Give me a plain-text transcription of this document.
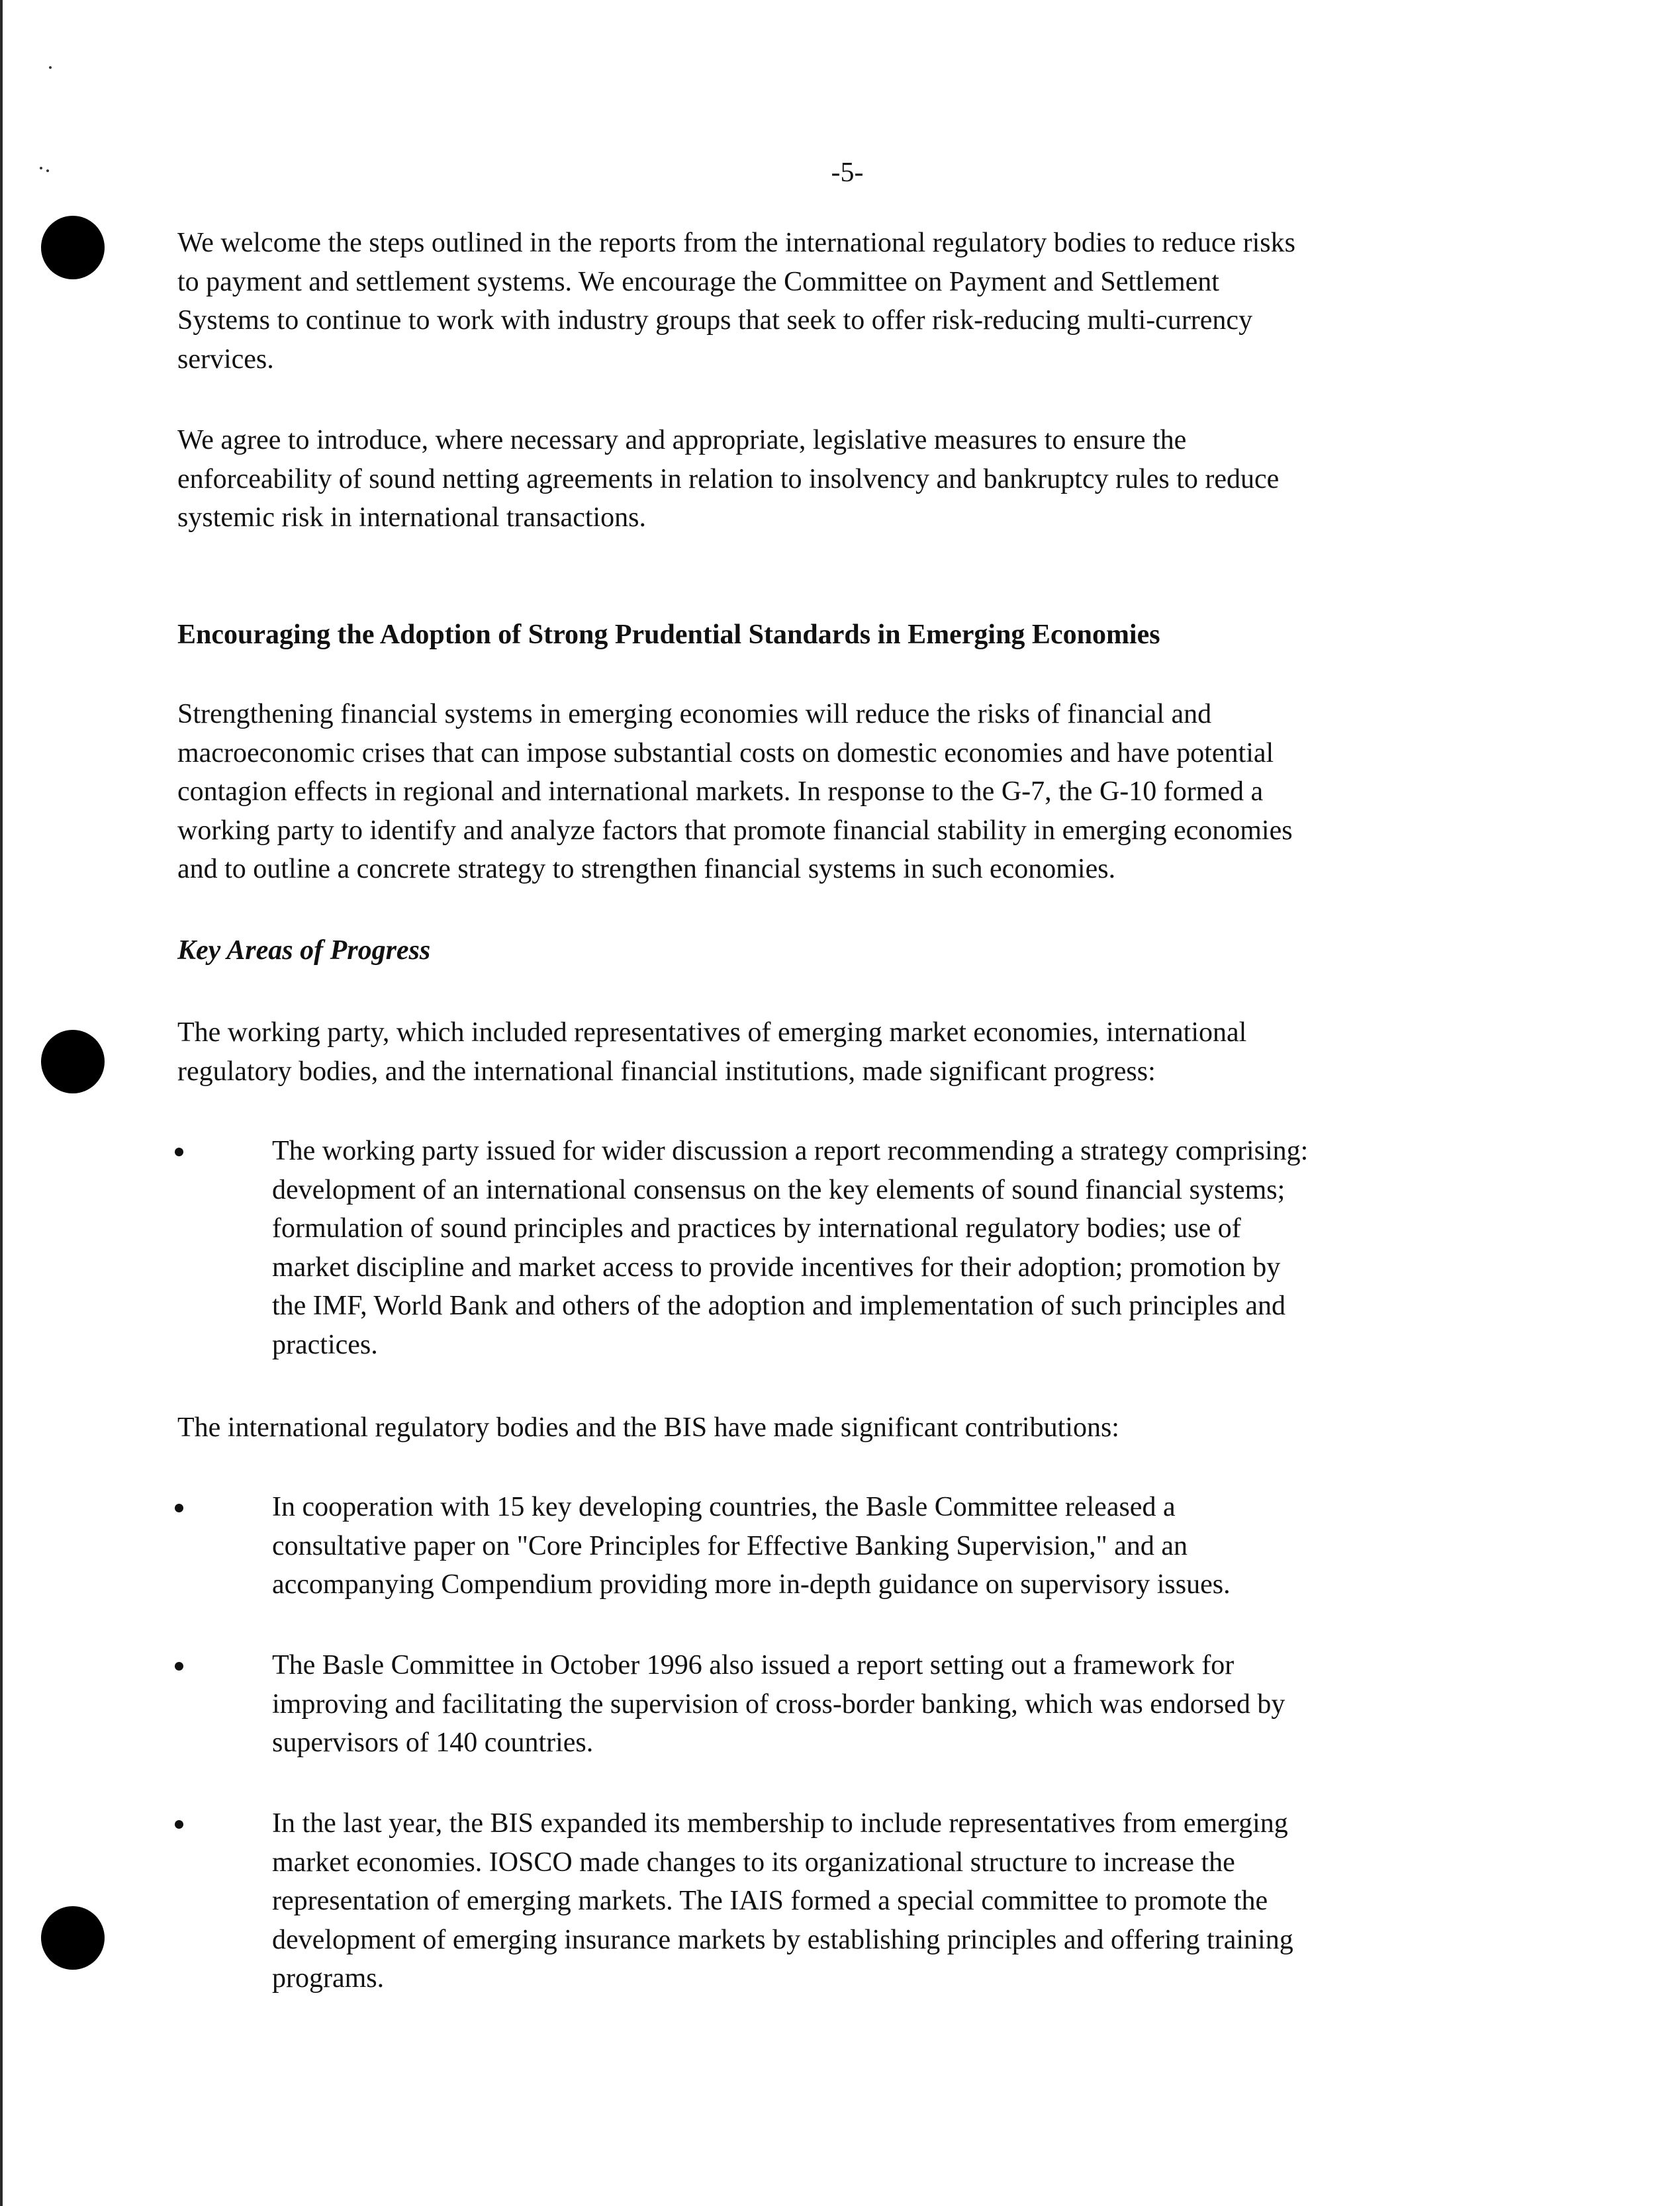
-5-

We welcome the steps outlined in the reports from the international regulatory bodies to reduce risks
to payment and settlement systems. We encourage the Committee on Payment and Settlement
Systems to continue to work with industry groups that seek to offer risk-reducing multi-currency
services.

We agree to introduce, where necessary and appropriate, legislative measures to ensure the
enforceability of sound netting agreements in relation to insolvency and bankruptcy rules to reduce
systemic risk in international transactions.

Encouraging the Adoption of Strong Prudential Standards in Emerging Economies

Strengthening financial systems in emerging economies will reduce the risks of financial and
macroeconomic crises that can impose substantial costs on domestic economies and have potential
contagion effects in regional and international markets. In response to the G-7, the G-10 formed a
working party to identify and analyze factors that promote financial stability in emerging economies
and to outline a concrete strategy to strengthen financial systems in such economies.

Key Areas of Progress

The working party, which included representatives of emerging market economies, international
regulatory bodies, and the international financial institutions, made significant progress:

The working party issued for wider discussion a report recommending a strategy comprising:
development of an international consensus on the key elements of sound financial systems;
formulation of sound principles and practices by international regulatory bodies; use of
market discipline and market access to provide incentives for their adoption; promotion by
the IMF, World Bank and others of the adoption and implementation of such principles and
practices.

The international regulatory bodies and the BIS have made significant contributions:

In cooperation with 15 key developing countries, the Basle Committee released a
consultative paper on "Core Principles for Effective Banking Supervision," and an
accompanying Compendium providing more in-depth guidance on supervisory issues.
The Basle Committee in October 1996 also issued a report setting out a framework for
improving and facilitating the supervision of cross-border banking, which was endorsed by
supervisors of 140 countries.
In the last year, the BIS expanded its membership to include representatives from emerging
market economies. IOSCO made changes to its organizational structure to increase the
representation of emerging markets. The IAIS formed a special committee to promote the
development of emerging insurance markets by establishing principles and offering training
programs.
